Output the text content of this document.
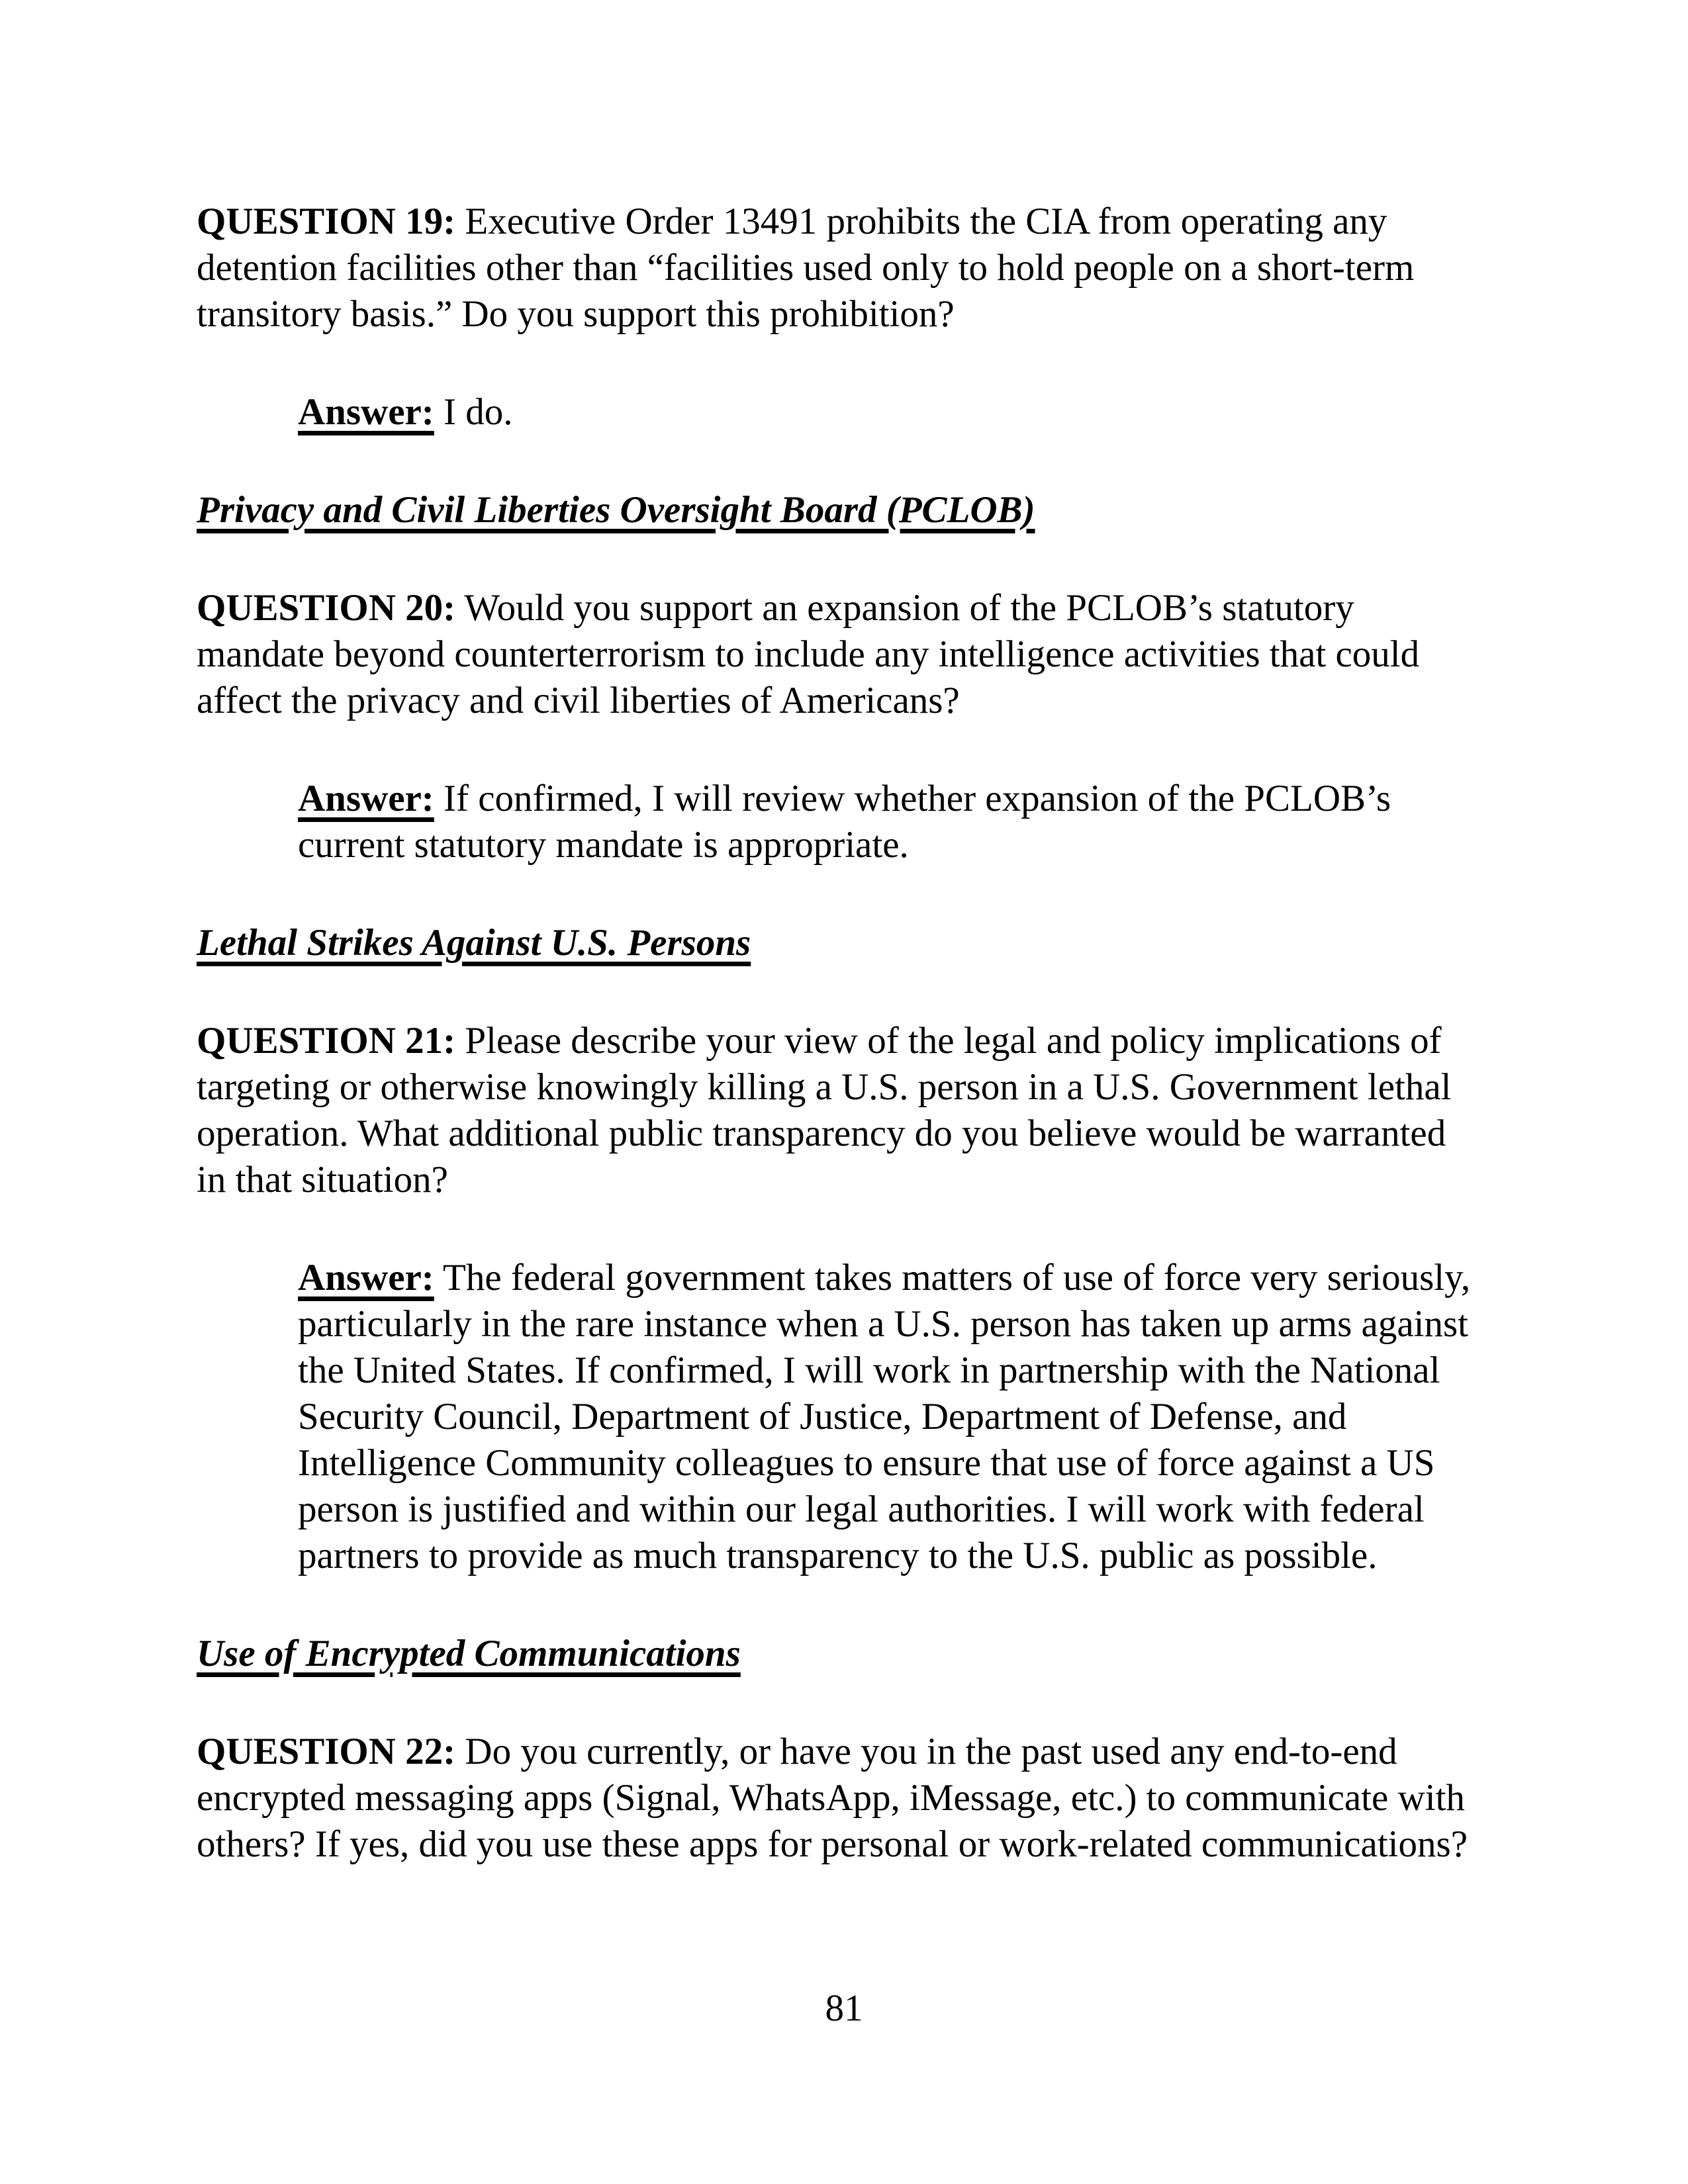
QUESTION 19: Executive Order 13491 prohibits the CIA from operating any detention facilities other than “facilities used only to hold people on a short-term transitory basis.” Do you support this prohibition?

Answer: I do.

Privacy and Civil Liberties Oversight Board (PCLOB)

QUESTION 20: Would you support an expansion of the PCLOB’s statutory mandate beyond counterterrorism to include any intelligence activities that could affect the privacy and civil liberties of Americans?

Answer: If confirmed, I will review whether expansion of the PCLOB’s current statutory mandate is appropriate.

Lethal Strikes Against U.S. Persons

QUESTION 21: Please describe your view of the legal and policy implications of targeting or otherwise knowingly killing a U.S. person in a U.S. Government lethal operation. What additional public transparency do you believe would be warranted in that situation?

Answer: The federal government takes matters of use of force very seriously, particularly in the rare instance when a U.S. person has taken up arms against the United States. If confirmed, I will work in partnership with the National Security Council, Department of Justice, Department of Defense, and Intelligence Community colleagues to ensure that use of force against a US person is justified and within our legal authorities. I will work with federal partners to provide as much transparency to the U.S. public as possible.

Use of Encrypted Communications

QUESTION 22: Do you currently, or have you in the past used any end-to-end encrypted messaging apps (Signal, WhatsApp, iMessage, etc.) to communicate with others? If yes, did you use these apps for personal or work-related communications?

81
